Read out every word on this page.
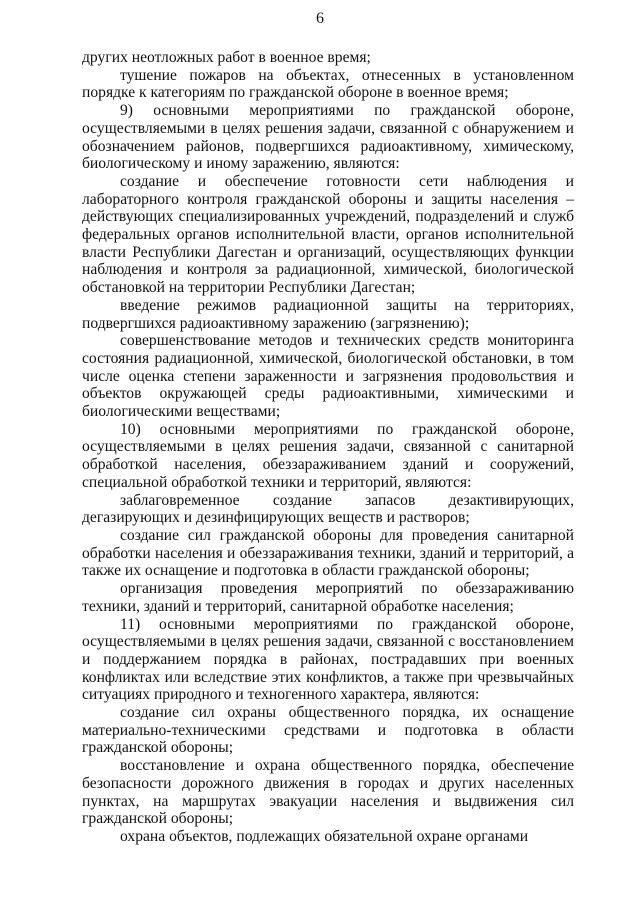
6

других неотложных работ в военное время;

тушение пожаров на объектах, отнесенных в установленном порядке к категориям по гражданской обороне в военное время;

9) основными мероприятиями по гражданской обороне, осуществляемыми в целях решения задачи, связанной с обнаружением и обозначением районов, подвергшихся радиоактивному, химическому, биологическому и иному заражению, являются:

создание и обеспечение готовности сети наблюдения и лабораторного контроля гражданской обороны и защиты населения – действующих специализированных учреждений, подразделений и служб федеральных органов исполнительной власти, органов исполнительной власти Республики Дагестан и организаций, осуществляющих функции наблюдения и контроля за радиационной, химической, биологической обстановкой на территории Республики Дагестан;

введение режимов радиационной защиты на территориях, подвергшихся радиоактивному заражению (загрязнению);

совершенствование методов и технических средств мониторинга состояния радиационной, химической, биологической обстановки, в том числе оценка степени зараженности и загрязнения продовольствия и объектов окружающей среды радиоактивными, химическими и биологическими веществами;

10) основными мероприятиями по гражданской обороне, осуществляемыми в целях решения задачи, связанной с санитарной обработкой населения, обеззараживанием зданий и сооружений, специальной обработкой техники и территорий, являются:

заблаговременное создание запасов дезактивирующих, дегазирующих и дезинфицирующих веществ и растворов;

создание сил гражданской обороны для проведения санитарной обработки населения и обеззараживания техники, зданий и территорий, а также их оснащение и подготовка в области гражданской обороны;

организация проведения мероприятий по обеззараживанию техники, зданий и территорий, санитарной обработке населения;

11) основными мероприятиями по гражданской обороне, осуществляемыми в целях решения задачи, связанной с восстановлением и поддержанием порядка в районах, пострадавших при военных конфликтах или вследствие этих конфликтов, а также при чрезвычайных ситуациях природного и техногенного характера, являются:

создание сил охраны общественного порядка, их оснащение материально-техническими средствами и подготовка в области гражданской обороны;

восстановление и охрана общественного порядка, обеспечение безопасности дорожного движения в городах и других населенных пунктах, на маршрутах эвакуации населения и выдвижения сил гражданской обороны;

охрана объектов, подлежащих обязательной охране органами
